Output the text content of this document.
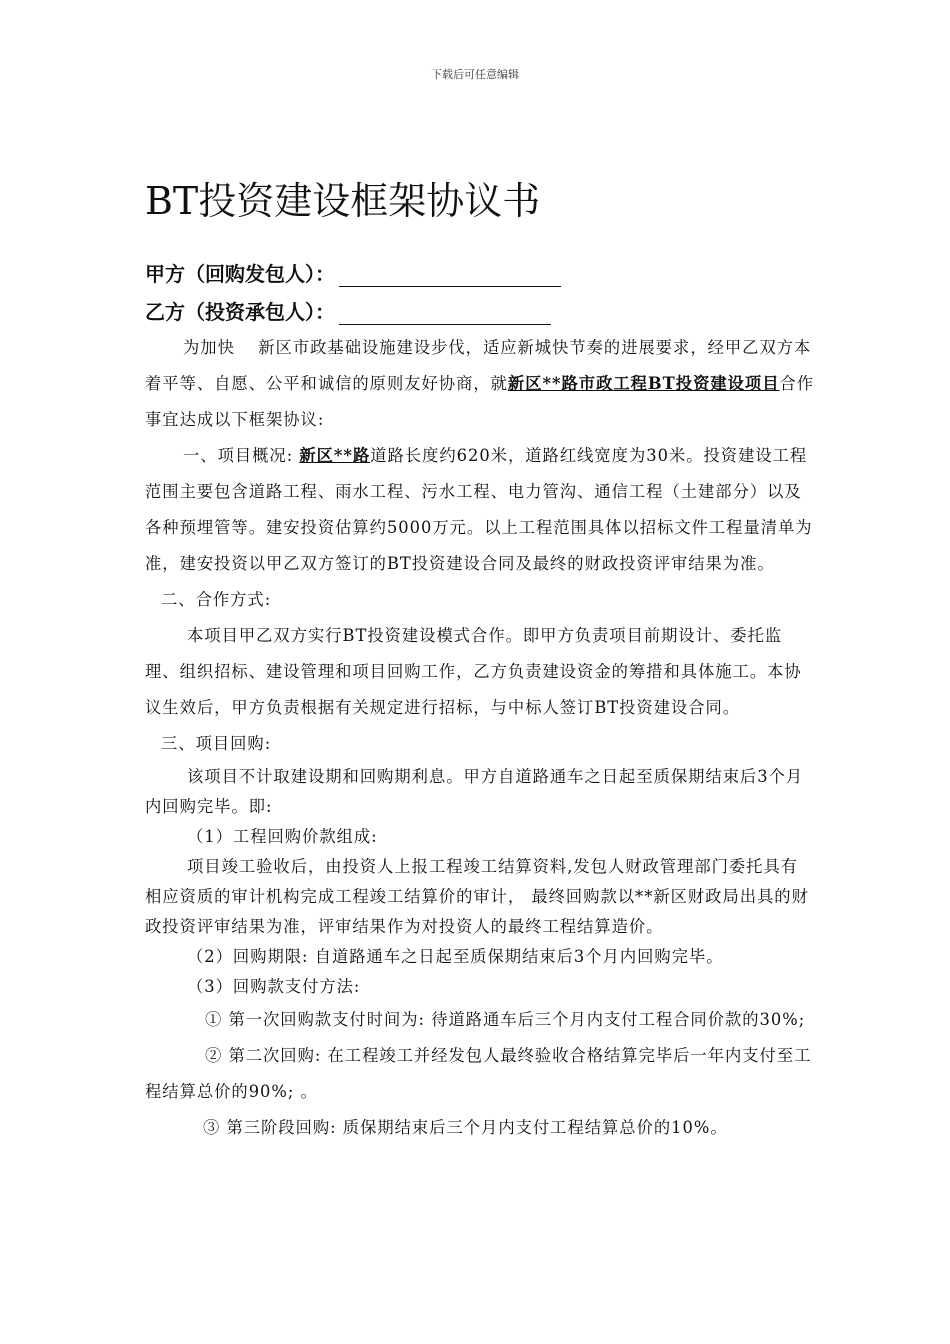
下载后可任意编辑
BT投资建设框架协议书
甲方（回购发包人）：
乙方（投资承包人）：

为加快　 新区市政基础设施建设步伐，适应新城快节奏的进展要求，经甲乙双方本着平等、自愿、公平和诚信的原则友好协商，就新区**路市政工程BT投资建设项目合作事宜达成以下框架协议:

一、项目概况: 新区**路道路长度约620米，道路红线宽度为30米。投资建设工程范围主要包含道路工程、雨水工程、污水工程、电力管沟、通信工程（土建部分）以及各种预埋管等。建安投资估算约5000万元。以上工程范围具体以招标文件工程量清单为准，建安投资以甲乙双方签订的BT投资建设合同及最终的财政投资评审结果为准。

二、合作方式:

本项目甲乙双方实行BT投资建设模式合作。即甲方负责项目前期设计、委托监理、组织招标、建设管理和项目回购工作，乙方负责建设资金的筹措和具体施工。本协议生效后，甲方负责根据有关规定进行招标，与中标人签订BT投资建设合同。

三、项目回购:

该项目不计取建设期和回购期利息。甲方自道路通车之日起至质保期结束后3个月内回购完毕。即:

（1）工程回购价款组成:

项目竣工验收后，由投资人上报工程竣工结算资料,发包人财政管理部门委托具有相应资质的审计机构完成工程竣工结算价的审计， 最终回购款以**新区财政局出具的财政投资评审结果为准，评审结果作为对投资人的最终工程结算造价。

（2）回购期限: 自道路通车之日起至质保期结束后3个月内回购完毕。

（3）回购款支付方法:

① 第一次回购款支付时间为: 待道路通车后三个月内支付工程合同价款的30%;

② 第二次回购: 在工程竣工并经发包人最终验收合格结算完毕后一年内支付至工程结算总价的90%; 。

③ 第三阶段回购: 质保期结束后三个月内支付工程结算总价的10%。
